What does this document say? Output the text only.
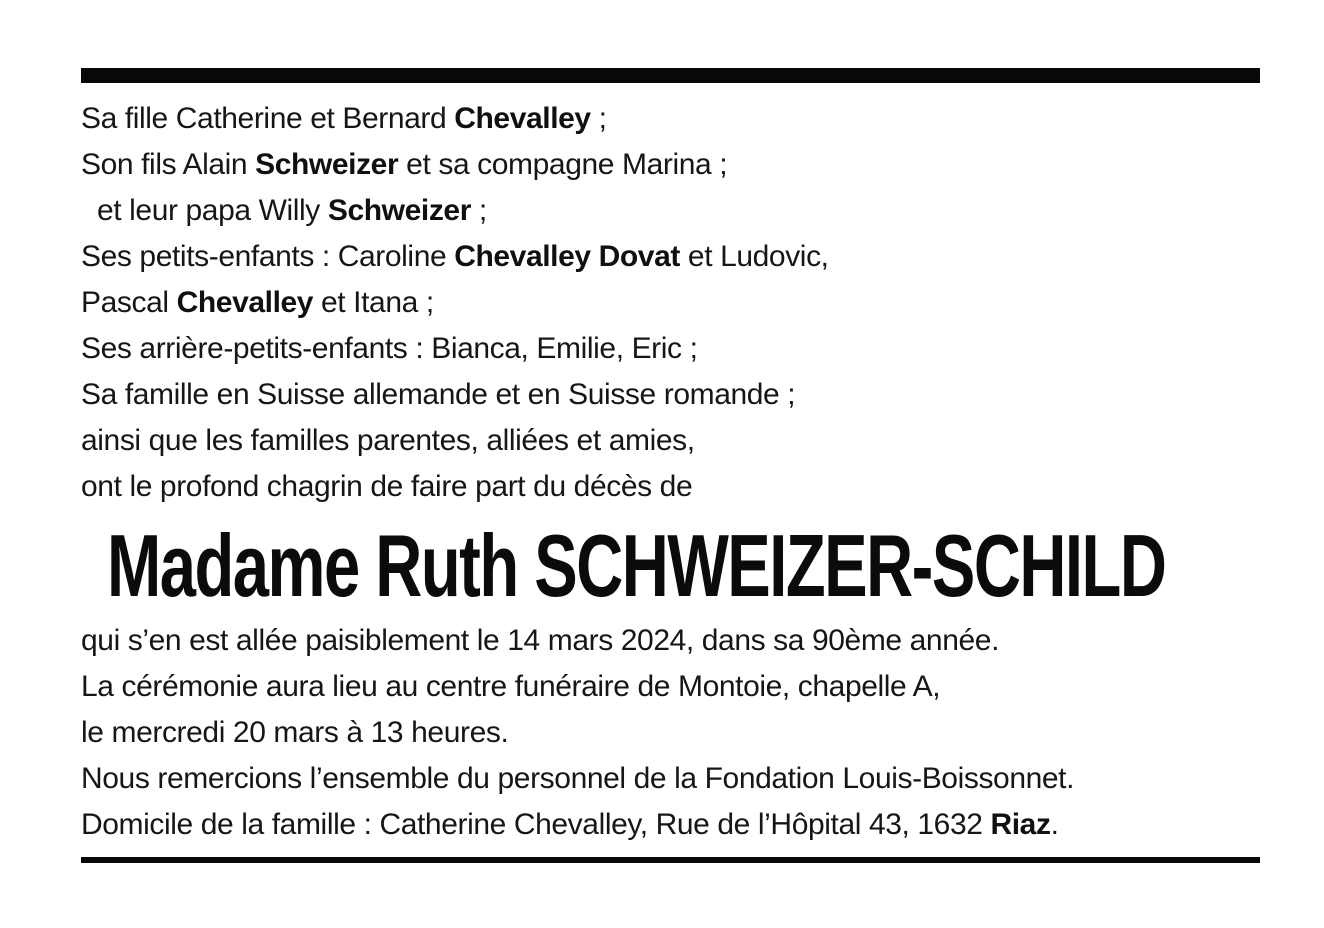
Sa fille Catherine et Bernard Chevalley ;
Son fils Alain Schweizer et sa compagne Marina ;
et leur papa Willy Schweizer ;
Ses petits-enfants : Caroline Chevalley Dovat et Ludovic,
Pascal Chevalley et Itana ;
Ses arrière-petits-enfants : Bianca, Emilie, Eric ;
Sa famille en Suisse allemande et en Suisse romande ;
ainsi que les familles parentes, alliées et amies,
ont le profond chagrin de faire part du décès de
Madame Ruth SCHWEIZER-SCHILD
qui s’en est allée paisiblement le 14 mars 2024, dans sa 90ème année.
La cérémonie aura lieu au centre funéraire de Montoie, chapelle A,
le mercredi 20 mars à 13 heures.
Nous remercions l’ensemble du personnel de la Fondation Louis-Boissonnet.
Domicile de la famille : Catherine Chevalley, Rue de l’Hôpital 43, 1632 Riaz.
